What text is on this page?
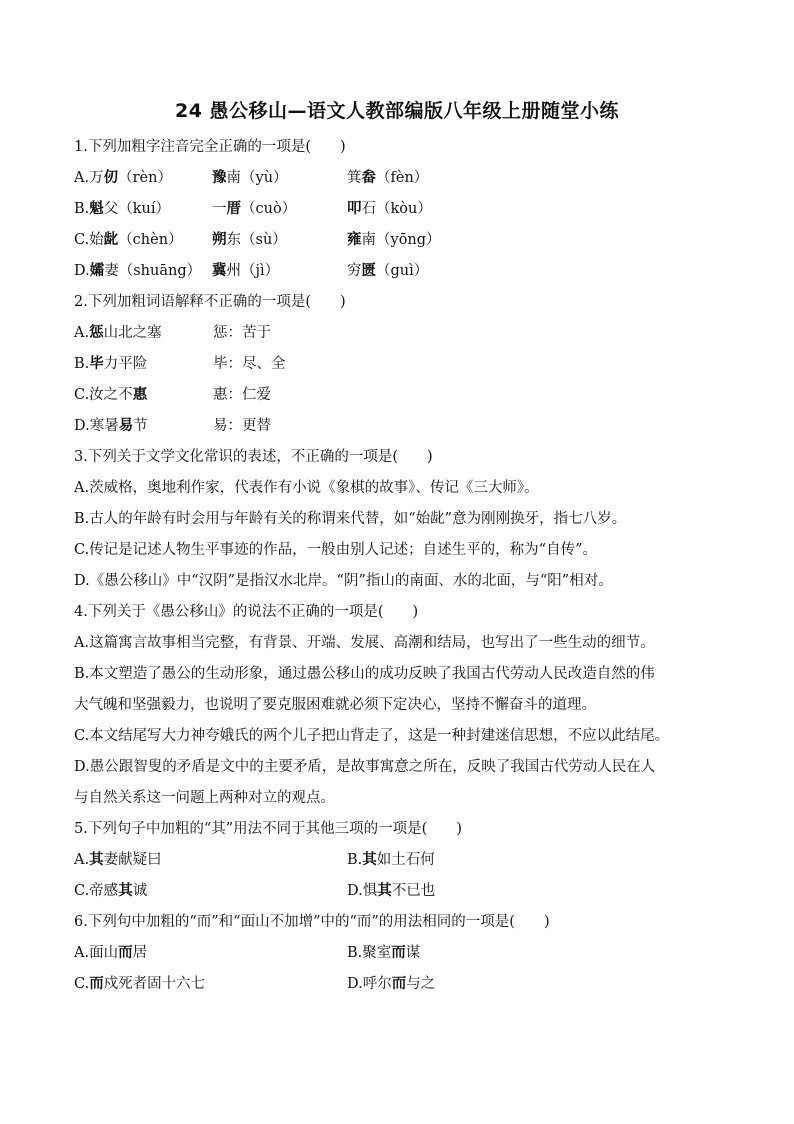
24 愚公移山—语文人教部编版八年级上册随堂小练
1.下列加粗字注音完全正确的一项是(　　)
A.万仞（rèn）	豫南（yù）	箕畚（fèn）
B.魁父（kuí）	一厝（cuò）	叩石（kòu）
C.始龀（chèn） 朔东（sù）	雍南（yōng）
D.孀妻（shuāng） 冀州（jì）	穷匮（guì）
2.下列加粗词语解释不正确的一项是(　　)
A.惩山北之塞	惩：苦于
B.毕力平险	毕：尽、全
C.汝之不惠	惠：仁爱
D.寒暑易节	易：更替
3.下列关于文学文化常识的表述，不正确的一项是(　　)
A.茨威格，奥地利作家，代表作有小说《象棋的故事》、传记《三大师》。
B.古人的年龄有时会用与年龄有关的称谓来代替，如“始龀”意为刚刚换牙，指七八岁。
C.传记是记述人物生平事迹的作品，一般由别人记述；自述生平的，称为“自传”。
D.《愚公移山》中“汉阴”是指汉水北岸。“阴”指山的南面、水的北面，与“阳”相对。
4.下列关于《愚公移山》的说法不正确的一项是(　　)
A.这篇寓言故事相当完整，有背景、开端、发展、高潮和结局，也写出了一些生动的细节。
B.本文塑造了愚公的生动形象，通过愚公移山的成功反映了我国古代劳动人民改造自然的伟
大气魄和坚强毅力，也说明了要克服困难就必须下定决心，坚持不懈奋斗的道理。
C.本文结尾写大力神夸娥氏的两个儿子把山背走了，这是一种封建迷信思想，不应以此结尾。
D.愚公跟智叟的矛盾是文中的主要矛盾，是故事寓意之所在，反映了我国古代劳动人民在人
与自然关系这一问题上两种对立的观点。
5.下列句子中加粗的“其”用法不同于其他三项的一项是(　　)
A.其妻献疑曰	B.其如土石何
C.帝感其诚	D.惧其不已也
6.下列句中加粗的“而”和“面山不加增”中的“而”的用法相同的一项是(　　)
A.面山而居	B.聚室而谋
C.而戍死者固十六七	D.呼尔而与之
